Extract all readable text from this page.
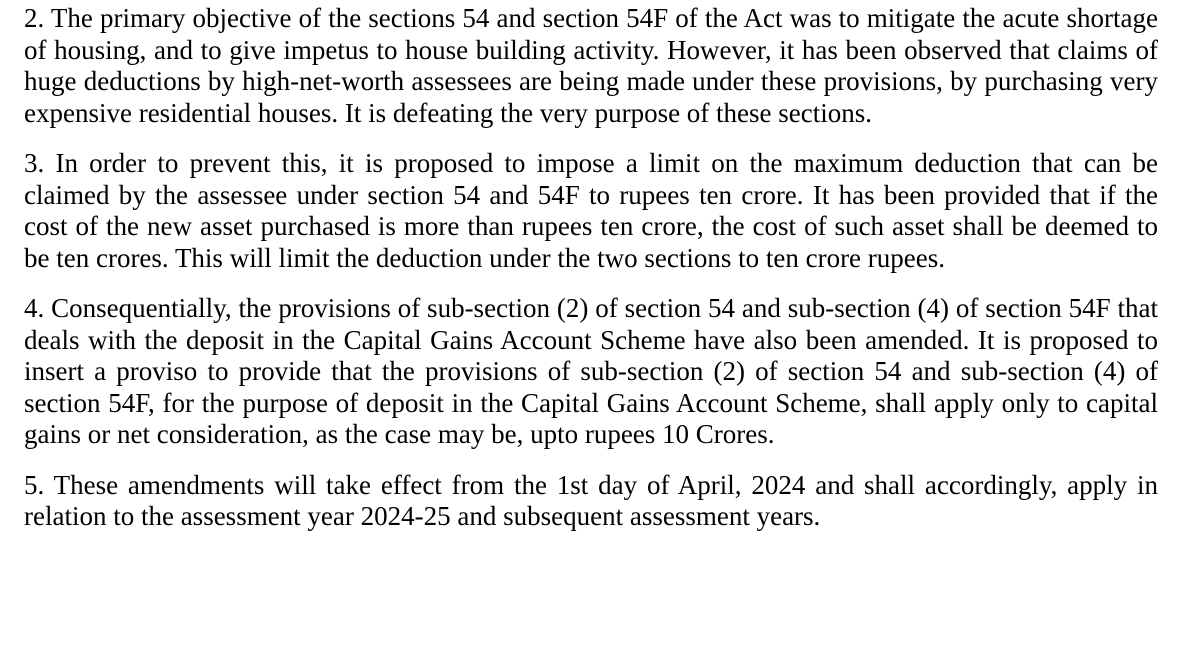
2. The primary objective of the sections 54 and section 54F of the Act was to mitigate the acute shortage of housing, and to give impetus to house building activity. However, it has been observed that claims of huge deductions by high-net-worth assessees are being made under these provisions, by purchasing very expensive residential houses. It is defeating the very purpose of these sections.

3. In order to prevent this, it is proposed to impose a limit on the maximum deduction that can be claimed by the assessee under section 54 and 54F to rupees ten crore. It has been provided that if the cost of the new asset purchased is more than rupees ten crore, the cost of such asset shall be deemed to be ten crores. This will limit the deduction under the two sections to ten crore rupees.

4. Consequentially, the provisions of sub-section (2) of section 54 and sub-section (4) of section 54F that deals with the deposit in the Capital Gains Account Scheme have also been amended. It is proposed to insert a proviso to provide that the provisions of sub-section (2) of section 54 and sub-section (4) of section 54F, for the purpose of deposit in the Capital Gains Account Scheme, shall apply only to capital gains or net consideration, as the case may be, upto rupees 10 Crores.

5. These amendments will take effect from the 1st day of April, 2024 and shall accordingly, apply in relation to the assessment year 2024-25 and subsequent assessment years.
